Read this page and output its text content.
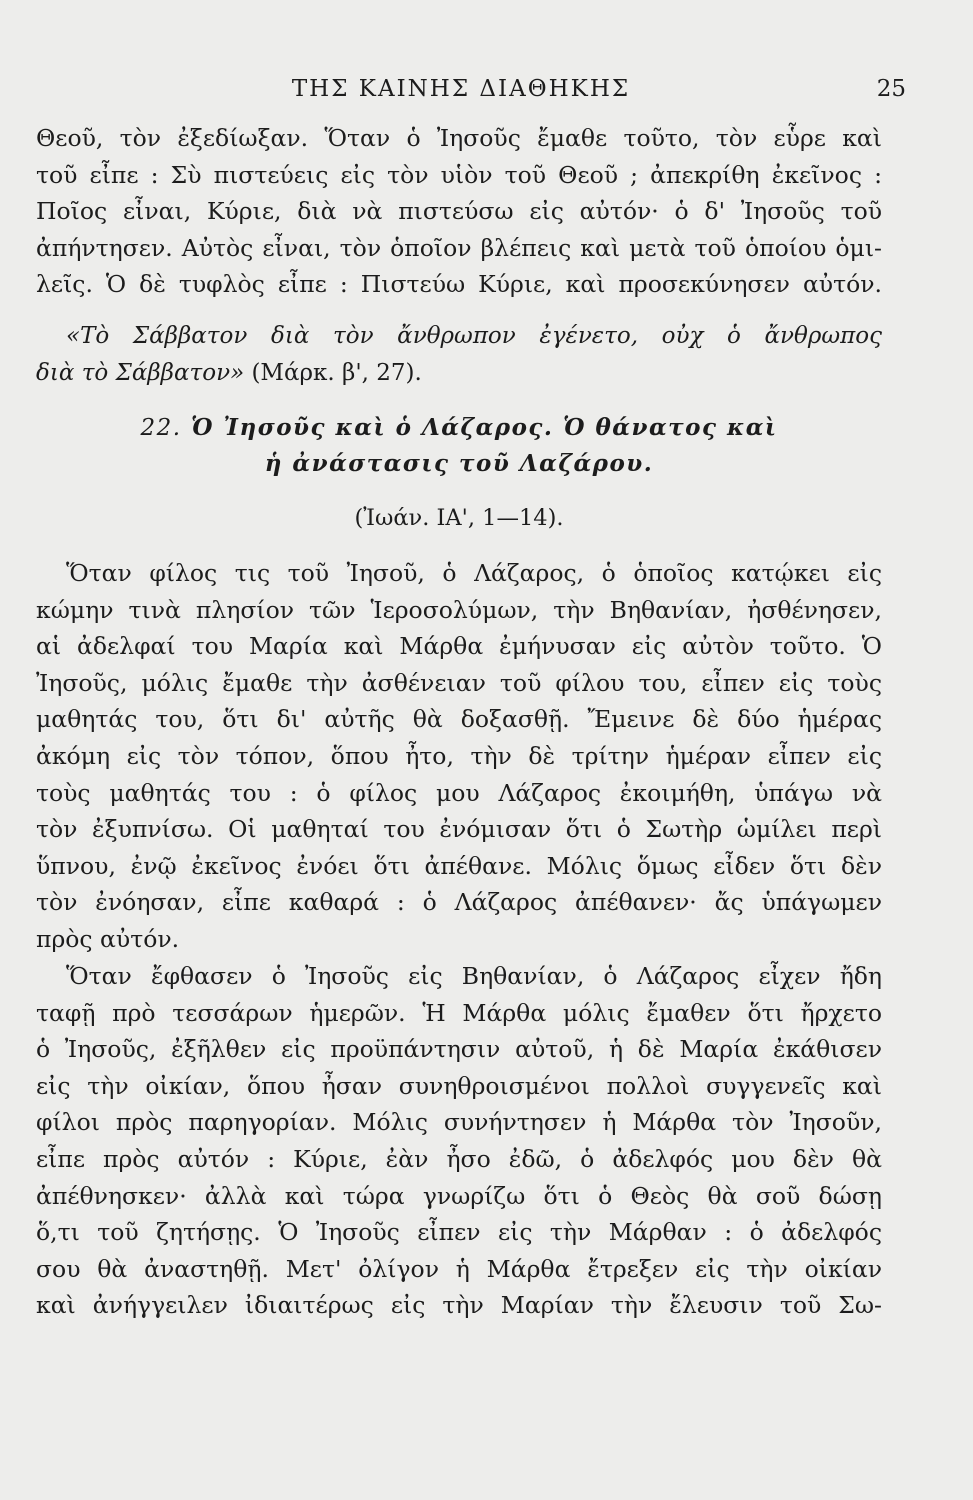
ΤΗΣ ΚΑΙΝΗΣ ΔΙΑΘΗΚΗΣ	25
Θεοῦ, τὸν ἐξεδίωξαν. Ὅταν ὁ Ἰησοῦς ἔμαθε τοῦτο, τὸν εὗρε καὶ
τοῦ εἶπε : Σὺ πιστεύεις εἰς τὸν υἱὸν τοῦ Θεοῦ ; ἀπεκρίθη ἐκεῖνος :
Ποῖος εἶναι, Κύριε, διὰ νὰ πιστεύσω εἰς αὐτόν· ὁ δ' Ἰησοῦς τοῦ
ἀπήντησεν. Αὐτὸς εἶναι, τὸν ὁποῖον βλέπεις καὶ μετὰ τοῦ ὁποίου ὁμι-
λεῖς. Ὁ δὲ τυφλὸς εἶπε : Πιστεύω Κύριε, καὶ προσεκύνησεν αὐτόν.
«Τὸ Σάββατον διὰ τὸν ἄνθρωπον ἐγένετο, οὐχ ὁ ἄνθρωπος
διὰ τὸ Σάββατον» (Μάρκ. β', 27).
22. Ὁ Ἰησοῦς καὶ ὁ Λάζαρος. Ὁ θάνατος καὶ
ἡ ἀνάστασις τοῦ Λαζάρου.
(Ἰωάν. ΙΑ', 1—14).
Ὅταν φίλος τις τοῦ Ἰησοῦ, ὁ Λάζαρος, ὁ ὁποῖος κατῴκει εἰς
κώμην τινὰ πλησίον τῶν Ἱεροσολύμων, τὴν Βηθανίαν, ἠσθένησεν,
αἱ ἀδελφαί του Μαρία καὶ Μάρθα ἐμήνυσαν εἰς αὐτὸν τοῦτο. Ὁ
Ἰησοῦς, μόλις ἔμαθε τὴν ἀσθένειαν τοῦ φίλου του, εἶπεν εἰς τοὺς
μαθητάς του, ὅτι δι' αὐτῆς θὰ δοξασθῇ. Ἔμεινε δὲ δύο ἡμέρας
ἀκόμη εἰς τὸν τόπον, ὅπου ἦτο, τὴν δὲ τρίτην ἡμέραν εἶπεν εἰς
τοὺς μαθητάς του : ὁ φίλος μου Λάζαρος ἐκοιμήθη, ὑπάγω νὰ
τὸν ἐξυπνίσω. Οἱ μαθηταί του ἐνόμισαν ὅτι ὁ Σωτὴρ ὡμίλει περὶ
ὕπνου, ἐνῷ ἐκεῖνος ἐνόει ὅτι ἀπέθανε. Μόλις ὅμως εἶδεν ὅτι δὲν
τὸν ἐνόησαν, εἶπε καθαρά : ὁ Λάζαρος ἀπέθανεν· ἄς ὑπάγωμεν
πρὸς αὐτόν.
Ὅταν ἔφθασεν ὁ Ἰησοῦς εἰς Βηθανίαν, ὁ Λάζαρος εἶχεν ἤδη
ταφῇ πρὸ τεσσάρων ἡμερῶν. Ἡ Μάρθα μόλις ἔμαθεν ὅτι ἤρχετο
ὁ Ἰησοῦς, ἐξῆλθεν εἰς προϋπάντησιν αὐτοῦ, ἡ δὲ Μαρία ἐκάθισεν
εἰς τὴν οἰκίαν, ὅπου ἦσαν συνηθροισμένοι πολλοὶ συγγενεῖς καὶ
φίλοι πρὸς παρηγορίαν. Μόλις συνήντησεν ἡ Μάρθα τὸν Ἰησοῦν,
εἶπε πρὸς αὐτόν : Κύριε, ἐὰν ἦσο ἐδῶ, ὁ ἀδελφός μου δὲν θὰ
ἀπέθνησκεν· ἀλλὰ καὶ τώρα γνωρίζω ὅτι ὁ Θεὸς θὰ σοῦ δώσῃ
ὅ,τι τοῦ ζητήσῃς. Ὁ Ἰησοῦς εἶπεν εἰς τὴν Μάρθαν : ὁ ἀδελφός
σου θὰ ἀναστηθῇ. Μετ' ὀλίγον ἡ Μάρθα ἔτρεξεν εἰς τὴν οἰκίαν
καὶ ἀνήγγειλεν ἰδιαιτέρως εἰς τὴν Μαρίαν τὴν ἔλευσιν τοῦ Σω-
